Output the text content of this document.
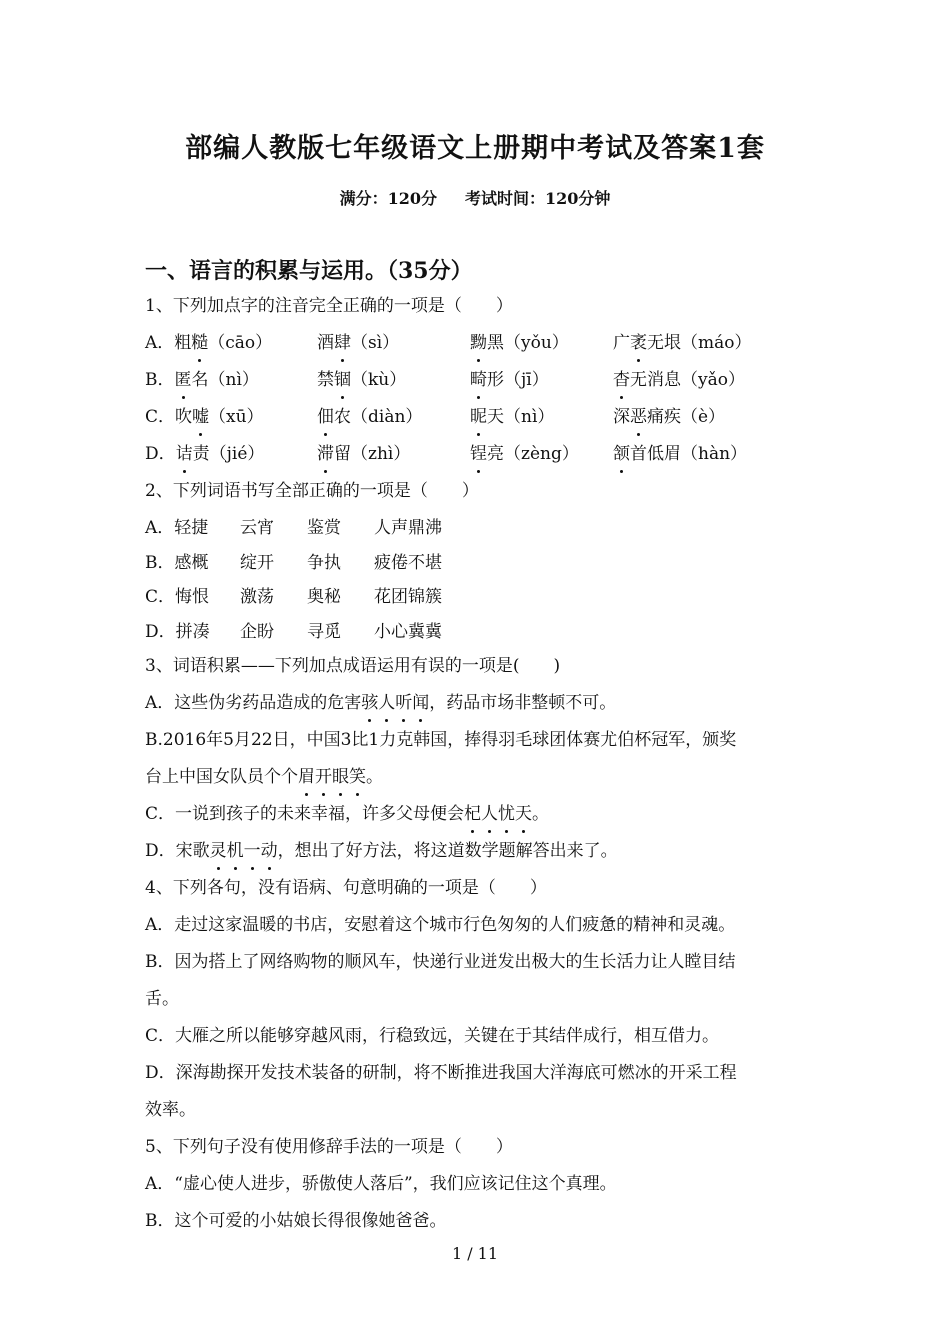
部编人教版七年级语文上册期中考试及答案1套
满分：120分 考试时间：120分钟
一、语言的积累与运用。（35分）
1、下列加点字的注音完全正确的一项是（　　）
A．粗糙（cāo）	酒肆（sì）	黝黑（yǒu）	广袤无垠（máo）
B．匿名（nì）	禁锢（kù）	畸形（jī）	杳无消息（yǎo）
C．吹嘘（xū）	佃农（diàn）	昵天（nì）	深恶痛疾（è）
D．诘责（jié）	滞留（zhì）	锃亮（zèng）	颔首低眉（hàn）
2、下列词语书写全部正确的一项是（　　）
A．轻捷	云宵	鉴赏	人声鼎沸
B．感概	绽开	争执	疲倦不堪
C．悔恨	激荡	奥秘	花团锦簇
D．拼凑	企盼	寻觅	小心冀冀
3、词语积累——下列加点成语运用有误的一项是(　　)
A．这些伪劣药品造成的危害骇人听闻，药品市场非整顿不可。
B.2016年5月22日，中国3比1力克韩国，捧得羽毛球团体赛尤伯杯冠军，颁奖
台上中国女队员个个眉开眼笑。
C．一说到孩子的未来幸福，许多父母便会杞人忧天。
D．宋歌灵机一动，想出了好方法，将这道数学题解答出来了。
4、下列各句，没有语病、句意明确的一项是（　　）
A．走过这家温暖的书店，安慰着这个城市行色匆匆的人们疲惫的精神和灵魂。
B．因为搭上了网络购物的顺风车，快递行业迸发出极大的生长活力让人瞠目结
舌。
C．大雁之所以能够穿越风雨，行稳致远，关键在于其结伴成行，相互借力。
D．深海勘探开发技术装备的研制，将不断推进我国大洋海底可燃冰的开采工程
效率。
5、下列句子没有使用修辞手法的一项是（　　）
A．“虚心使人进步，骄傲使人落后”，我们应该记住这个真理。
B．这个可爱的小姑娘长得很像她爸爸。
1 / 11
